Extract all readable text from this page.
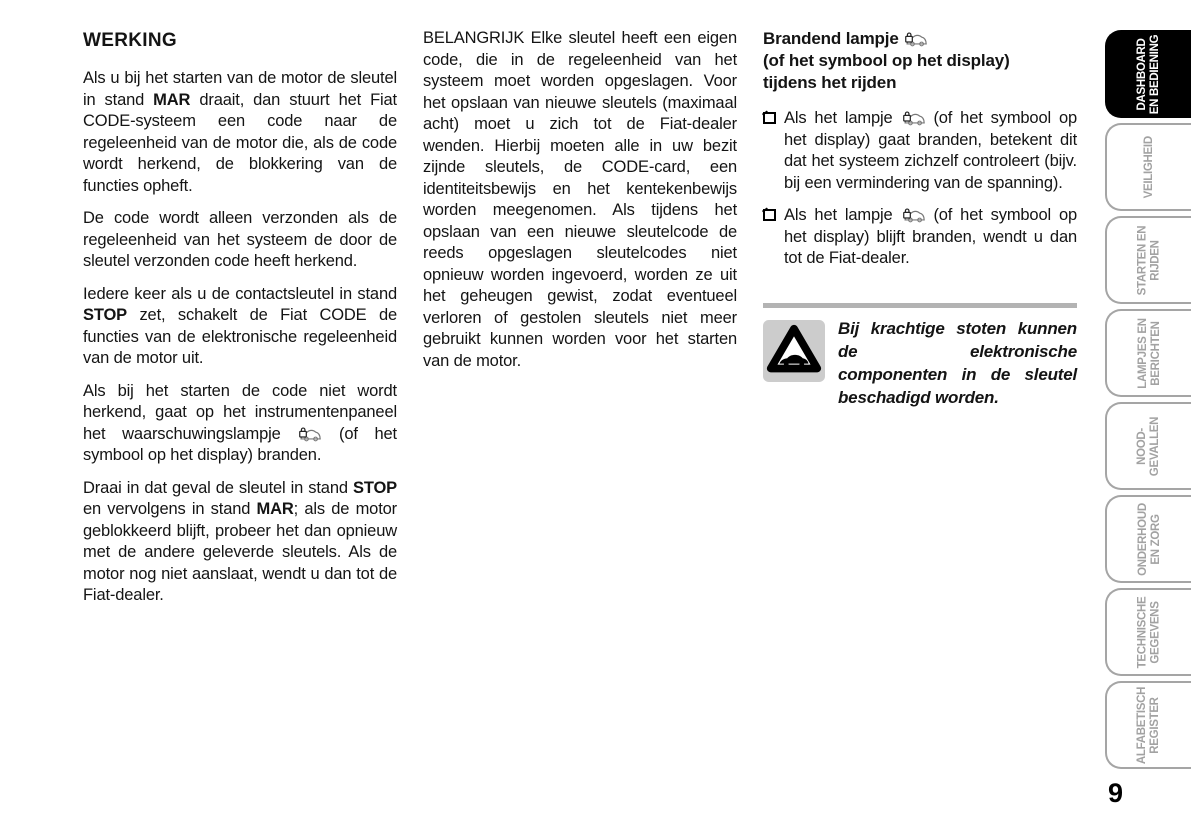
WERKING

Als u bij het starten van de motor de sleutel in stand MAR draait, dan stuurt het Fiat CODE-systeem een code naar de regeleenheid van de motor die, als de code wordt herkend, de blokkering van de functies opheft.

De code wordt alleen verzonden als de regeleenheid van het systeem de door de sleutel verzonden code heeft herkend.

Iedere keer als u de contactsleutel in stand STOP zet, schakelt de Fiat CODE de functies van de elektronische regeleenheid van de motor uit.

Als bij het starten de code niet wordt herkend, gaat op het instrumentenpaneel het waarschuwingslampje  (of het symbool op het display) branden.

Draai in dat geval de sleutel in stand STOP en vervolgens in stand MAR; als de motor geblokkeerd blijft, probeer het dan opnieuw met de andere geleverde sleutels. Als de motor nog niet aanslaat, wendt u dan tot de Fiat-dealer.

BELANGRIJK Elke sleutel heeft een eigen code, die in de regeleenheid van het systeem moet worden opgeslagen. Voor het opslaan van nieuwe sleutels (maximaal acht) moet u zich tot de Fiat-dealer wenden. Hierbij moeten alle in uw bezit zijnde sleutels, de CODE-card, een identiteitsbewijs en het kentekenbewijs worden meegenomen. Als tijdens het opslaan van een nieuwe sleutelcode de reeds opgeslagen sleutelcodes niet opnieuw worden ingevoerd, worden ze uit het geheugen gewist, zodat eventueel verloren of gestolen sleutels niet meer gebruikt kunnen worden voor het starten van de motor.

Brandend lampje
(of het symbool op het display)
tijdens het rijden

Als het lampje  (of het symbool op het display) gaat branden, betekent dit dat het systeem zichzelf controleert (bijv. bij een vermindering van de spanning).

Als het lampje  (of het symbool op het display) blijft branden, wendt u dan tot de Fiat-dealer.

Bij krachtige stoten kunnen de elektronische componenten in de sleutel beschadigd worden.

DASHBOARD EN BEDIENING
VEILIGHEID
STARTEN EN RIJDEN
LAMPJES EN BERICHTEN
NOOD- GEVALLEN
ONDERHOUD EN ZORG
TECHNISCHE GEGEVENS
ALFABETISCH REGISTER
9
